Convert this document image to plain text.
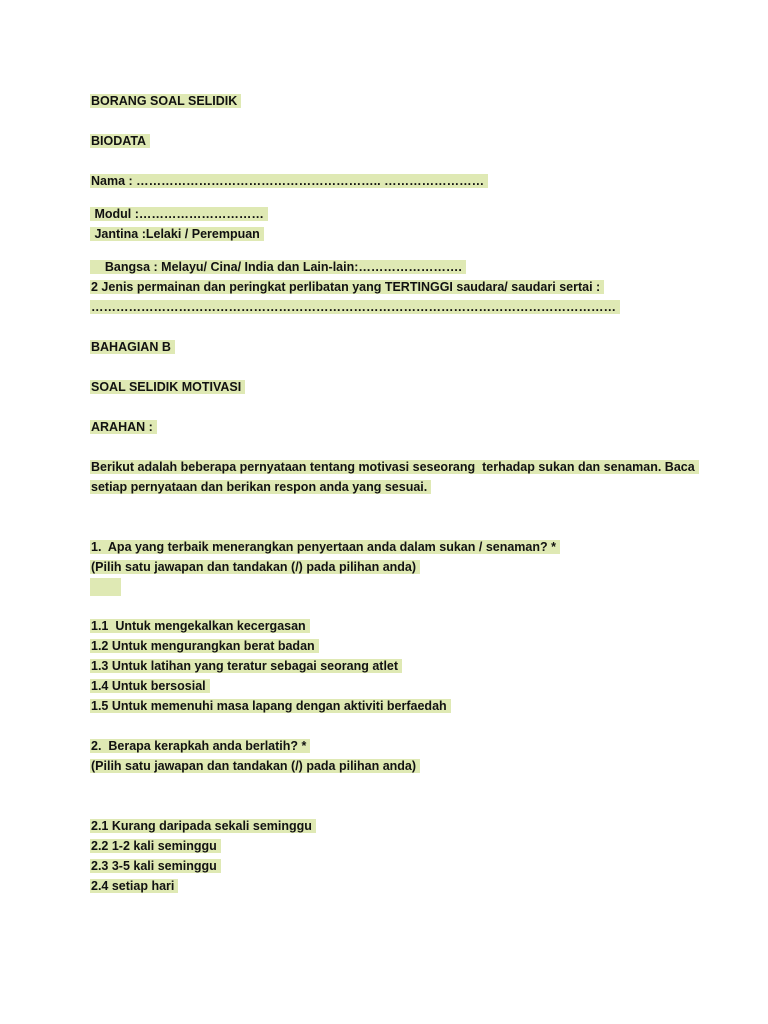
BORANG SOAL SELIDIK
BIODATA
Nama : ………………………………………………….. ……………………
Modul :…………………………
Jantina :Lelaki / Perempuan
Bangsa : Melayu/ Cina/ India dan Lain-lain:…………………….
2 Jenis permainan dan peringkat perlibatan yang TERTINGGI saudara/ saudari sertai :
………………………………………………………………………………………………………………
BAHAGIAN B
SOAL SELIDIK MOTIVASI
ARAHAN :
Berikut adalah beberapa pernyataan tentang motivasi seseorang  terhadap sukan dan senaman. Baca
setiap pernyataan dan berikan respon anda yang sesuai.
1.  Apa yang terbaik menerangkan penyertaan anda dalam sukan / senaman? *
(Pilih satu jawapan dan tandakan (/) pada pilihan anda)
1.1  Untuk mengekalkan kecergasan
1.2 Untuk mengurangkan berat badan
1.3 Untuk latihan yang teratur sebagai seorang atlet
1.4 Untuk bersosial
1.5 Untuk memenuhi masa lapang dengan aktiviti berfaedah
2.  Berapa kerapkah anda berlatih? *
(Pilih satu jawapan dan tandakan (/) pada pilihan anda)
2.1 Kurang daripada sekali seminggu
2.2 1-2 kali seminggu
2.3 3-5 kali seminggu
2.4 setiap hari
